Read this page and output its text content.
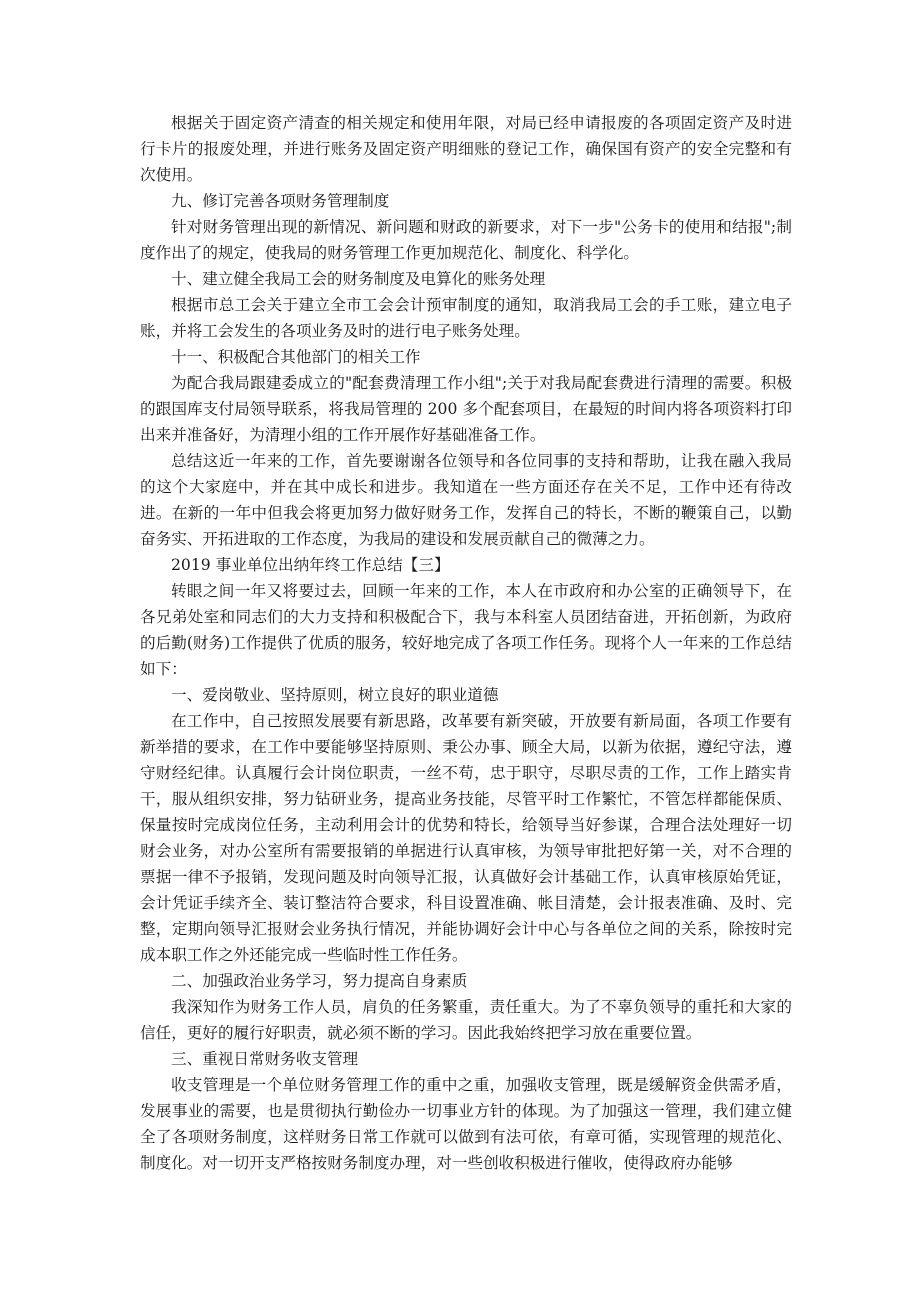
根据关于固定资产清查的相关规定和使用年限，对局已经申请报废的各项固定资产及时进行卡片的报废处理，并进行账务及固定资产明细账的登记工作，确保国有资产的安全完整和有次使用。

九、修订完善各项财务管理制度

针对财务管理出现的新情况、新问题和财政的新要求，对下一步"公务卡的使用和结报";制度作出了的规定，使我局的财务管理工作更加规范化、制度化、科学化。

十、建立健全我局工会的财务制度及电算化的账务处理

根据市总工会关于建立全市工会会计预审制度的通知，取消我局工会的手工账，建立电子账，并将工会发生的各项业务及时的进行电子账务处理。

十一、积极配合其他部门的相关工作

为配合我局跟建委成立的"配套费清理工作小组";关于对我局配套费进行清理的需要。积极的跟国库支付局领导联系，将我局管理的 200 多个配套项目，在最短的时间内将各项资料打印出来并准备好，为清理小组的工作开展作好基础准备工作。

总结这近一年来的工作，首先要谢谢各位领导和各位同事的支持和帮助，让我在融入我局的这个大家庭中，并在其中成长和进步。我知道在一些方面还存在关不足，工作中还有待改进。在新的一年中但我会将更加努力做好财务工作，发挥自己的特长，不断的鞭策自己，以勤奋务实、开拓进取的工作态度，为我局的建设和发展贡献自己的微薄之力。

2019 事业单位出纳年终工作总结【三】

转眼之间一年又将要过去，回顾一年来的工作，本人在市政府和办公室的正确领导下，在各兄弟处室和同志们的大力支持和积极配合下，我与本科室人员团结奋进，开拓创新，为政府的后勤(财务)工作提供了优质的服务，较好地完成了各项工作任务。现将个人一年来的工作总结如下：

一、爱岗敬业、坚持原则，树立良好的职业道德

在工作中，自己按照发展要有新思路，改革要有新突破，开放要有新局面，各项工作要有新举措的要求，在工作中要能够坚持原则、秉公办事、顾全大局，以新为依据，遵纪守法，遵守财经纪律。认真履行会计岗位职责，一丝不苟，忠于职守，尽职尽责的工作，工作上踏实肯干，服从组织安排，努力钻研业务，提高业务技能，尽管平时工作繁忙，不管怎样都能保质、保量按时完成岗位任务，主动利用会计的优势和特长，给领导当好参谋，合理合法处理好一切财会业务，对办公室所有需要报销的单据进行认真审核，为领导审批把好第一关，对不合理的票据一律不予报销，发现问题及时向领导汇报，认真做好会计基础工作，认真审核原始凭证，会计凭证手续齐全、装订整洁符合要求，科目设置准确、帐目清楚，会计报表准确、及时、完整，定期向领导汇报财会业务执行情况，并能协调好会计中心与各单位之间的关系，除按时完成本职工作之外还能完成一些临时性工作任务。

二、加强政治业务学习，努力提高自身素质

我深知作为财务工作人员，肩负的任务繁重，责任重大。为了不辜负领导的重托和大家的信任，更好的履行好职责，就必须不断的学习。因此我始终把学习放在重要位置。

三、重视日常财务收支管理

收支管理是一个单位财务管理工作的重中之重，加强收支管理，既是缓解资金供需矛盾，发展事业的需要，也是贯彻执行勤俭办一切事业方针的体现。为了加强这一管理，我们建立健全了各项财务制度，这样财务日常工作就可以做到有法可依，有章可循，实现管理的规范化、制度化。对一切开支严格按财务制度办理，对一些创收积极进行催收，使得政府办能够
